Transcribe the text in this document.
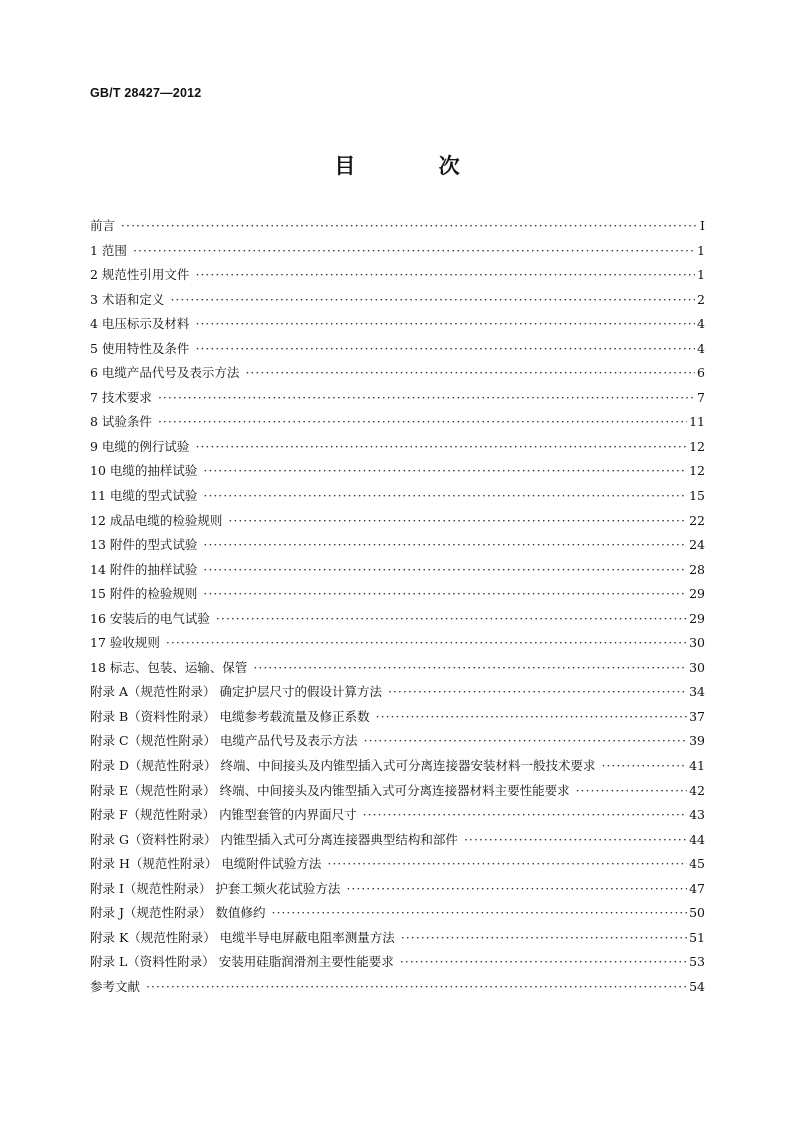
GB/T 28427—2012
目 次
前言 ·····	Ⅰ
1 范围 ·····	1
2 规范性引用文件 ·····	1
3 术语和定义 ·····	2
4 电压标示及材料 ·····	4
5 使用特性及条件 ·····	4
6 电缆产品代号及表示方法 ·····	6
7 技术要求 ·····	7
8 试验条件 ·····	11
9 电缆的例行试验 ·····	12
10 电缆的抽样试验 ·····	12
11 电缆的型式试验 ·····	15
12 成品电缆的检验规则 ·····	22
13 附件的型式试验 ·····	24
14 附件的抽样试验 ·····	28
15 附件的检验规则 ·····	29
16 安装后的电气试验 ·····	29
17 验收规则 ·····	30
18 标志、包装、运输、保管 ·····	30
附录 A（规范性附录） 确定护层尺寸的假设计算方法 ·····	34
附录 B（资料性附录） 电缆参考载流量及修正系数 ·····	37
附录 C（规范性附录） 电缆产品代号及表示方法 ·····	39
附录 D（规范性附录） 终端、中间接头及内锥型插入式可分离连接器安装材料一般技术要求 ·····	41
附录 E（规范性附录） 终端、中间接头及内锥型插入式可分离连接器材料主要性能要求 ·····	42
附录 F（规范性附录） 内锥型套管的内界面尺寸 ·····	43
附录 G（资料性附录） 内锥型插入式可分离连接器典型结构和部件 ·····	44
附录 H（规范性附录） 电缆附件试验方法 ·····	45
附录 I（规范性附录） 护套工频火花试验方法 ·····	47
附录 J（规范性附录） 数值修约 ·····	50
附录 K（规范性附录） 电缆半导电屏蔽电阻率测量方法 ·····	51
附录 L（资料性附录） 安装用硅脂润滑剂主要性能要求 ·····	53
参考文献 ·····	54
